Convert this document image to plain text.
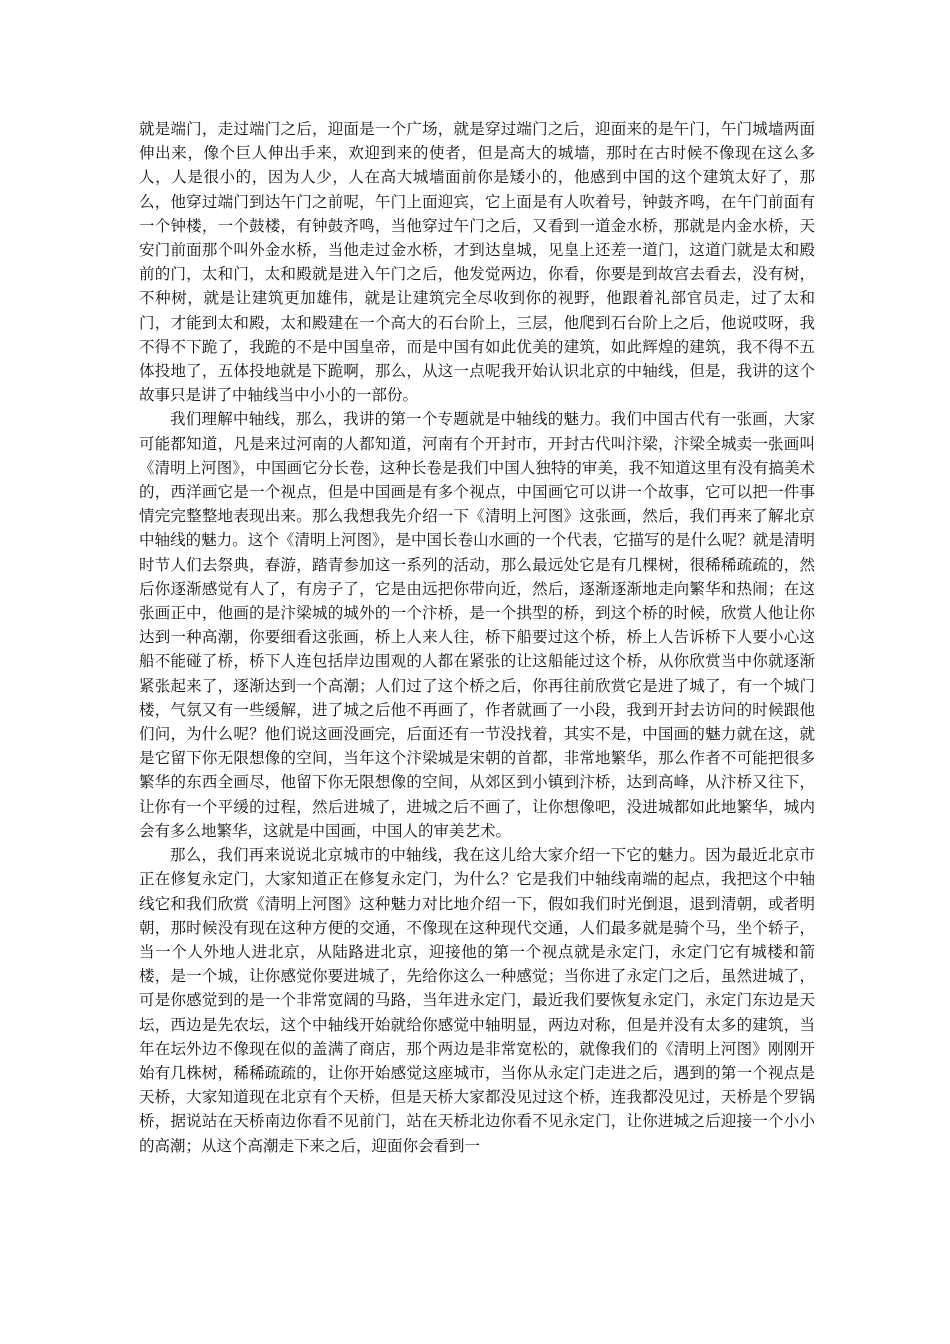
就是端门，走过端门之后，迎面是一个广场，就是穿过端门之后，迎面来的是午门，午门城墙两面伸出来，像个巨人伸出手来，欢迎到来的使者，但是高大的城墙，那时在古时候不像现在这么多人，人是很小的，因为人少，人在高大城墙面前你是矮小的，他感到中国的这个建筑太好了，那么，他穿过端门到达午门之前呢，午门上面迎宾，它上面是有人吹着号，钟鼓齐鸣，在午门前面有一个钟楼，一个鼓楼，有钟鼓齐鸣，当他穿过午门之后，又看到一道金水桥，那就是内金水桥，天安门前面那个叫外金水桥，当他走过金水桥，才到达皇城，见皇上还差一道门，这道门就是太和殿前的门，太和门，太和殿就是进入午门之后，他发觉两边，你看，你要是到故宫去看去，没有树，不种树，就是让建筑更加雄伟，就是让建筑完全尽收到你的视野，他跟着礼部官员走，过了太和门，才能到太和殿，太和殿建在一个高大的石台阶上，三层，他爬到石台阶上之后，他说哎呀，我不得不下跪了，我跪的不是中国皇帝，而是中国有如此优美的建筑，如此辉煌的建筑，我不得不五体投地了，五体投地就是下跪啊，那么，从这一点呢我开始认识北京的中轴线，但是，我讲的这个故事只是讲了中轴线当中小小的一部份。

我们理解中轴线，那么，我讲的第一个专题就是中轴线的魅力。我们中国古代有一张画，大家可能都知道，凡是来过河南的人都知道，河南有个开封市，开封古代叫汴梁，汴梁全城卖一张画叫《清明上河图》，中国画它分长卷，这种长卷是我们中国人独特的审美，我不知道这里有没有搞美术的，西洋画它是一个视点，但是中国画是有多个视点，中国画它可以讲一个故事，它可以把一件事情完完整整地表现出来。那么我想我先介绍一下《清明上河图》这张画，然后，我们再来了解北京中轴线的魅力。这个《清明上河图》，是中国长卷山水画的一个代表，它描写的是什么呢？就是清明时节人们去祭典，春游，踏青参加这一系列的活动，那么最远处它是有几棵树，很稀稀疏疏的，然后你逐渐感觉有人了，有房子了，它是由远把你带向近，然后，逐渐逐渐地走向繁华和热闹；在这张画正中，他画的是汴梁城的城外的一个汴桥，是一个拱型的桥，到这个桥的时候，欣赏人他让你达到一种高潮，你要细看这张画，桥上人来人往，桥下船要过这个桥，桥上人告诉桥下人要小心这船不能碰了桥，桥下人连包括岸边围观的人都在紧张的让这船能过这个桥，从你欣赏当中你就逐渐紧张起来了，逐渐达到一个高潮；人们过了这个桥之后，你再往前欣赏它是进了城了，有一个城门楼，气氛又有一些缓解，进了城之后他不再画了，作者就画了一小段，我到开封去访问的时候跟他们问，为什么呢？他们说这画没画完，后面还有一节没找着，其实不是，中国画的魅力就在这，就是它留下你无限想像的空间，当年这个汴梁城是宋朝的首都，非常地繁华，那么作者不可能把很多繁华的东西全画尽，他留下你无限想像的空间，从郊区到小镇到汴桥，达到高峰，从汴桥又往下，让你有一个平缓的过程，然后进城了，进城之后不画了，让你想像吧，没进城都如此地繁华，城内会有多么地繁华，这就是中国画，中国人的审美艺术。

那么，我们再来说说北京城市的中轴线，我在这儿给大家介绍一下它的魅力。因为最近北京市正在修复永定门，大家知道正在修复永定门，为什么？它是我们中轴线南端的起点，我把这个中轴线它和我们欣赏《清明上河图》这种魅力对比地介绍一下，假如我们时光倒退，退到清朝，或者明朝，那时候没有现在这种方便的交通，不像现在这种现代交通，人们最多就是骑个马，坐个轿子，当一个人外地人进北京，从陆路进北京，迎接他的第一个视点就是永定门，永定门它有城楼和箭楼，是一个城，让你感觉你要进城了，先给你这么一种感觉；当你进了永定门之后，虽然进城了，可是你感觉到的是一个非常宽阔的马路，当年进永定门，最近我们要恢复永定门，永定门东边是天坛，西边是先农坛，这个中轴线开始就给你感觉中轴明显，两边对称，但是并没有太多的建筑，当年在坛外边不像现在似的盖满了商店，那个两边是非常宽松的，就像我们的《清明上河图》刚刚开始有几株树，稀稀疏疏的，让你开始感觉这座城市，当你从永定门走进之后，遇到的第一个视点是天桥，大家知道现在北京有个天桥，但是天桥大家都没见过这个桥，连我都没见过，天桥是个罗锅桥，据说站在天桥南边你看不见前门，站在天桥北边你看不见永定门，让你进城之后迎接一个小小的高潮；从这个高潮走下来之后，迎面你会看到一
